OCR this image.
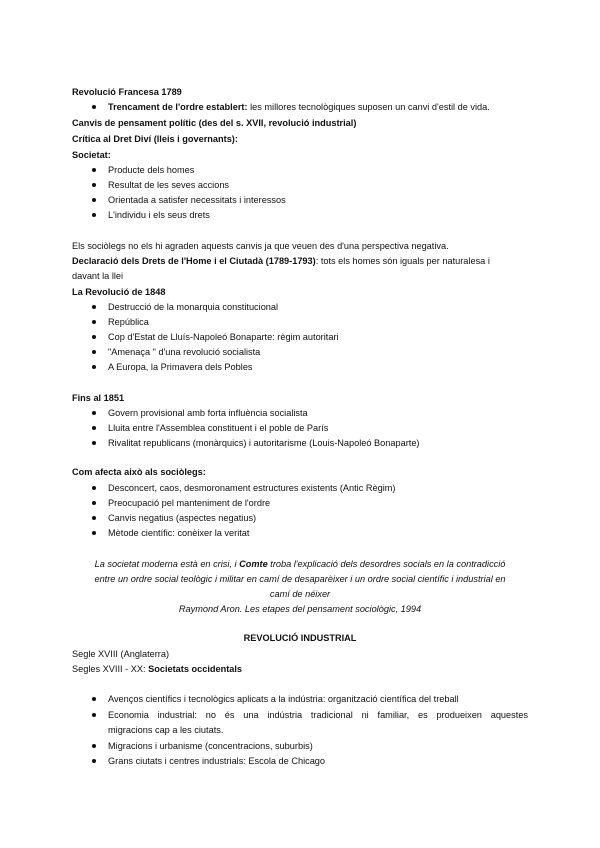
Revolució Francesa 1789
Trencament de l'ordre establert: les millores tecnològiques suposen un canvi d'estil de vida.
Canvis de pensament polític (des del s. XVII, revolució industrial)
Crítica al Dret Diví (lleis i governants):
Societat:
Producte dels homes
Resultat de les seves accions
Orientada a satisfer necessitats i interessos
L'individu i els seus drets
Els sociòlegs no els hi agraden aquests canvis ja que veuen des d'una perspectiva negativa.
Declaració dels Drets de l'Home i el Ciutadà (1789-1793): tots els homes són iguals per naturalesa i
davant la llei
La Revolució de 1848
Destrucció de la monarquia constitucional
República
Cop d'Estat de Lluís-Napoleó Bonaparte: règim autoritari
"Amenaça " d'una revolució socialista
A Europa, la Primavera dels Pobles
Fins al 1851
Govern provisional amb forta influència socialista
Lluita entre l'Assemblea constituent i el poble de París
Rivalitat republicans (monàrquics) i autoritarisme (Louis-Napoleó Bonaparte)
Com afecta això als sociòlegs:
Desconcert, caos, desmoronament estructures existents (Antic Règim)
Preocupació pel manteniment de l'ordre
Canvis negatius (aspectes negatius)
Mètode científic: conèixer la veritat
La societat moderna està en crisi, i Comte troba l'explicació dels desordres socials en la contradicció
entre un ordre social teològic i militar en camí de desaparèixer i un ordre social científic i industrial en
camí de néixer
Raymond Aron. Les etapes del pensament sociològic, 1994
REVOLUCIÓ INDUSTRIAL
Segle XVIII (Anglaterra)
Segles XVIII - XX: Societats occidentals
Avenços científics i tecnològics aplicats a la indústria: organització científica del treball
Economia industrial: no és una indústria tradicional ni familiar, es produeixen aquestes
migracions cap a les ciutats.
Migracions i urbanisme (concentracions, suburbis)
Grans ciutats i centres industrials: Escola de Chicago
